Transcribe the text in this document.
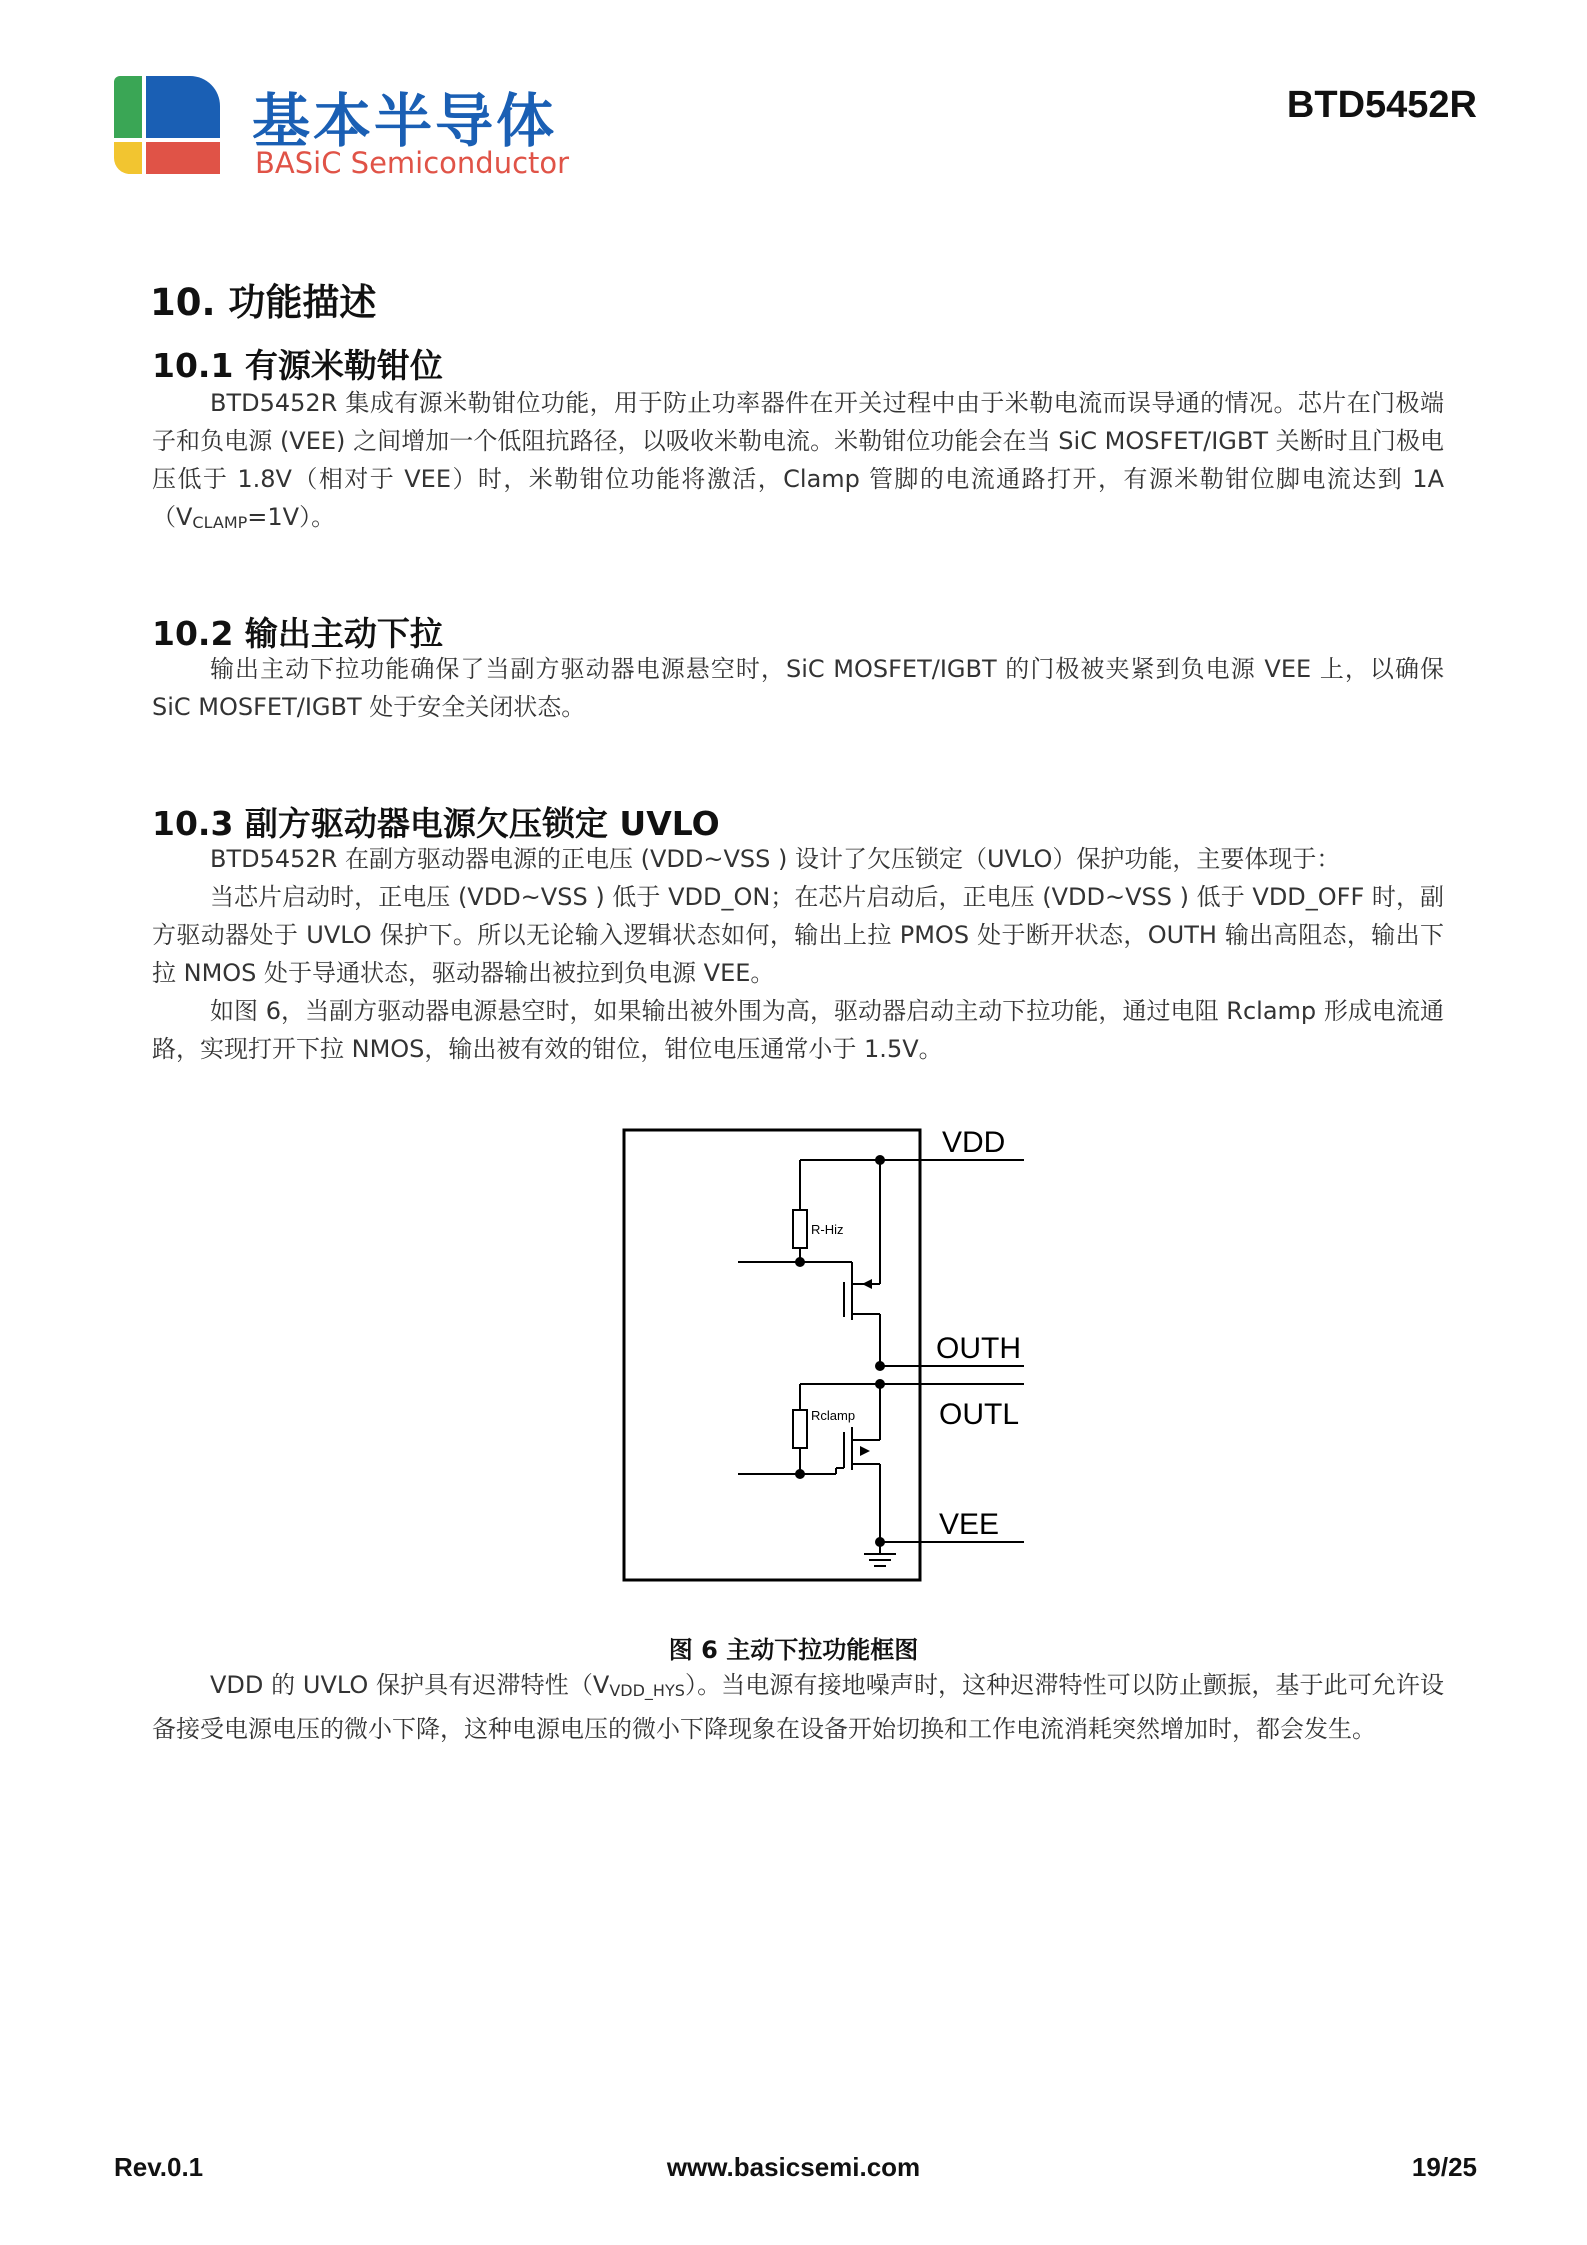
基本半导体
BASiC Semiconductor
BTD5452R
10. 功能描述
10.1 有源米勒钳位
BTD5452R 集成有源米勒钳位功能，用于防止功率器件在开关过程中由于米勒电流而误导通的情况。芯片在门极端子和负电源 (VEE) 之间增加一个低阻抗路径，以吸收米勒电流。米勒钳位功能会在当 SiC MOSFET/IGBT 关断时且门极电压低于 1.8V（相对于 VEE）时，米勒钳位功能将激活，Clamp 管脚的电流通路打开，有源米勒钳位脚电流达到 $1A(V_{CLAMP}=1V)$。
10.2 输出主动下拉
输出主动下拉功能确保了当副方驱动器电源悬空时，SiC MOSFET/IGBT 的门极被夹紧到负电源 VEE 上，以确保 SiC MOSFET/IGBT 处于安全关闭状态。
10.3 副方驱动器电源欠压锁定 UVLO
BTD5452R 在副方驱动器电源的正电压 (VDD~VSS ) 设计了欠压锁定（UVLO）保护功能，主要体现于：
当芯片启动时，正电压 (VDD~VSS ) 低于 VDD_ON；在芯片启动后，正电压 (VDD~VSS ) 低于 VDD_OFF 时，副方驱动器处于 UVLO 保护下。所以无论输入逻辑状态如何，输出上拉 PMOS 处于断开状态，OUTH 输出高阻态，输出下拉 NMOS 处于导通状态，驱动器输出被拉到负电源 VEE。
如图 6，当副方驱动器电源悬空时，如果输出被外围为高，驱动器启动主动下拉功能，通过电阻 Rclamp 形成电流通路，实现打开下拉 NMOS，输出被有效的钳位，钳位电压通常小于 1.5V。
VDD
OUTH
OUTL
VEE
R-Hiz
Rclamp
图 6 主动下拉功能框图
VDD 的 UVLO 保护具有迟滞特性$(V_{VDD\_HYS})$。当电源有接地噪声时，这种迟滞特性可以防止颤振，基于此可允许设备接受电源电压的微小下降，这种电源电压的微小下降现象在设备开始切换和工作电流消耗突然增加时，都会发生。
Rev.0.1	www.basicsemi.com	19/25
